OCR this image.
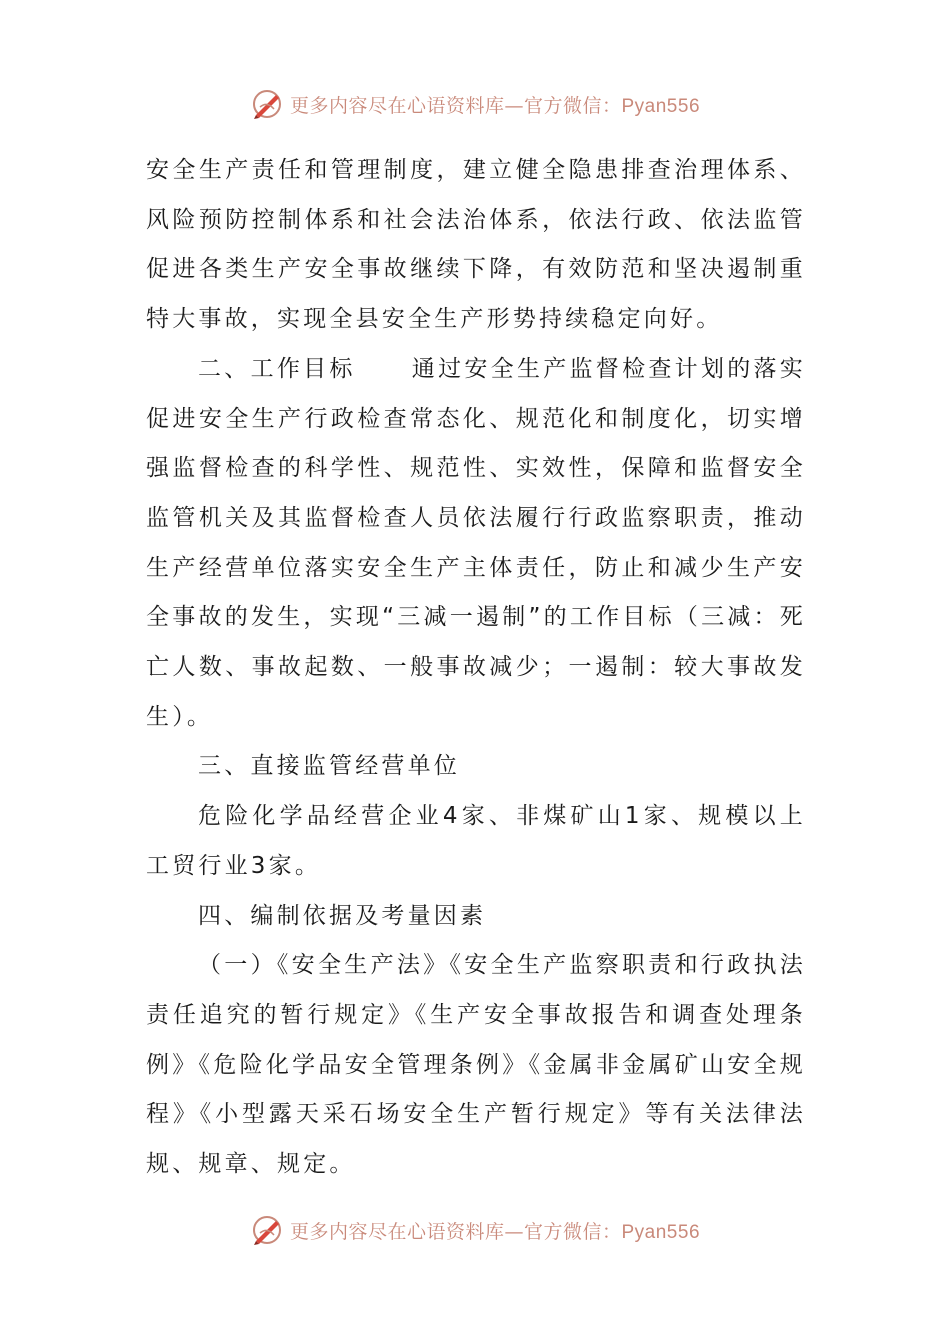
更多内容尽在心语资料库—官方微信：Pyan556

安全生产责任和管理制度，建立健全隐患排查治理体系、风险预防控制体系和社会法治体系，依法行政、依法监管促进各类生产安全事故继续下降，有效防范和坚决遏制重特大事故，实现全县安全生产形势持续稳定向好。

二、工作目标 通过安全生产监督检查计划的落实促进安全生产行政检查常态化、规范化和制度化，切实增强监督检查的科学性、规范性、实效性，保障和监督安全监管机关及其监督检查人员依法履行行政监察职责，推动生产经营单位落实安全生产主体责任，防止和减少生产安全事故的发生，实现“三减一遏制”的工作目标（三减：死亡人数、事故起数、一般事故减少；一遏制：较大事故发生）。

三、直接监管经营单位

危险化学品经营企业4家、非煤矿山1家、规模以上工贸行业3家。

四、编制依据及考量因素

（一）《安全生产法》《安全生产监察职责和行政执法责任追究的暂行规定》《生产安全事故报告和调查处理条例》《危险化学品安全管理条例》《金属非金属矿山安全规程》《小型露天采石场安全生产暂行规定》等有关法律法规、规章、规定。

更多内容尽在心语资料库—官方微信：Pyan556
